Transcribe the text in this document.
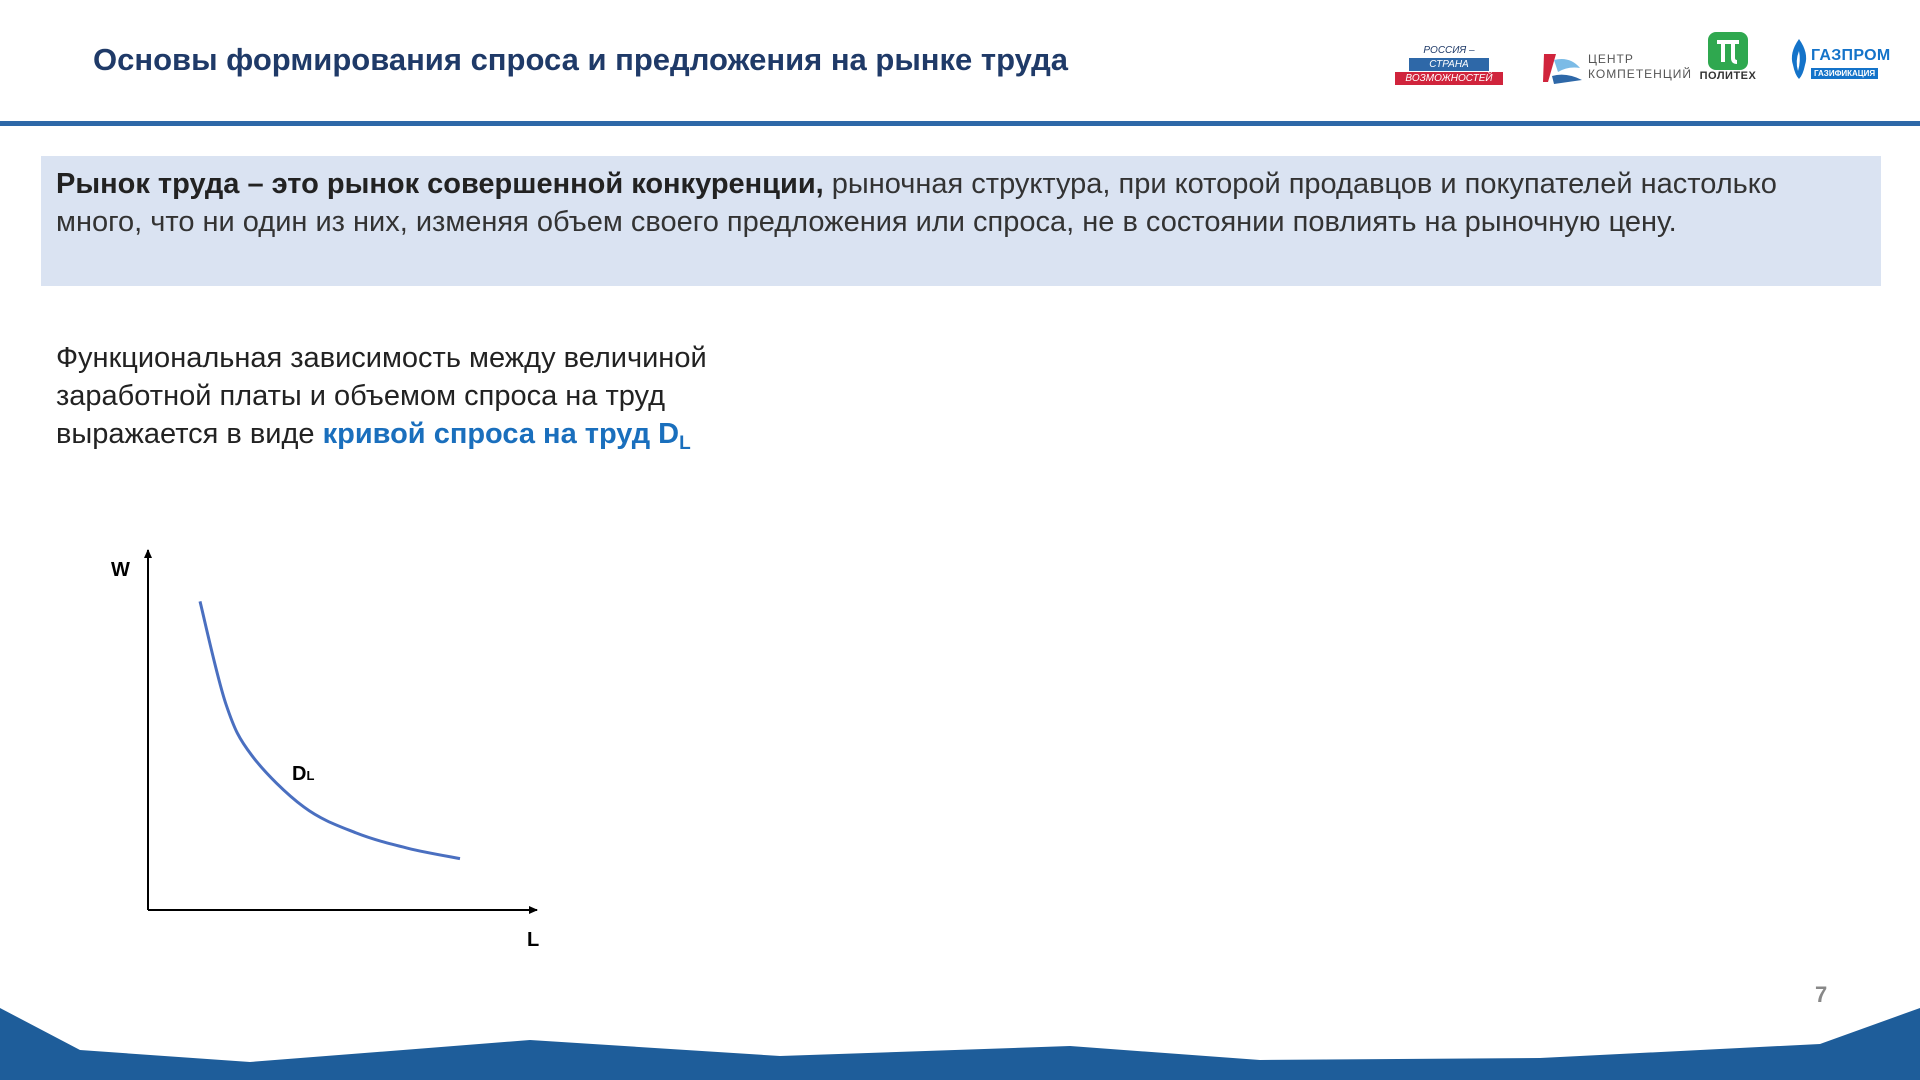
Основы формирования спроса и предложения на рынке труда	РОССИЯ –
СТРАНА
ВОЗМОЖНОСТЕЙ
ЦЕНТР
КОМПЕТЕНЦИЙ ПОЛИТЕХ
ГАЗПРОМ
ГАЗИФИКАЦИЯ
Рынок труда – это рынок совершенной конкуренции, рыночная структура, при которой продавцов и покупателей настолько много, что ни один из них, изменяя объем своего предложения или спроса, не в состоянии повлиять на рыночную цену.
Функциональная зависимость между величиной заработной платы и объемом спроса на труд выражается в виде кривой спроса на труд $D_L$
W
L
DL
7
